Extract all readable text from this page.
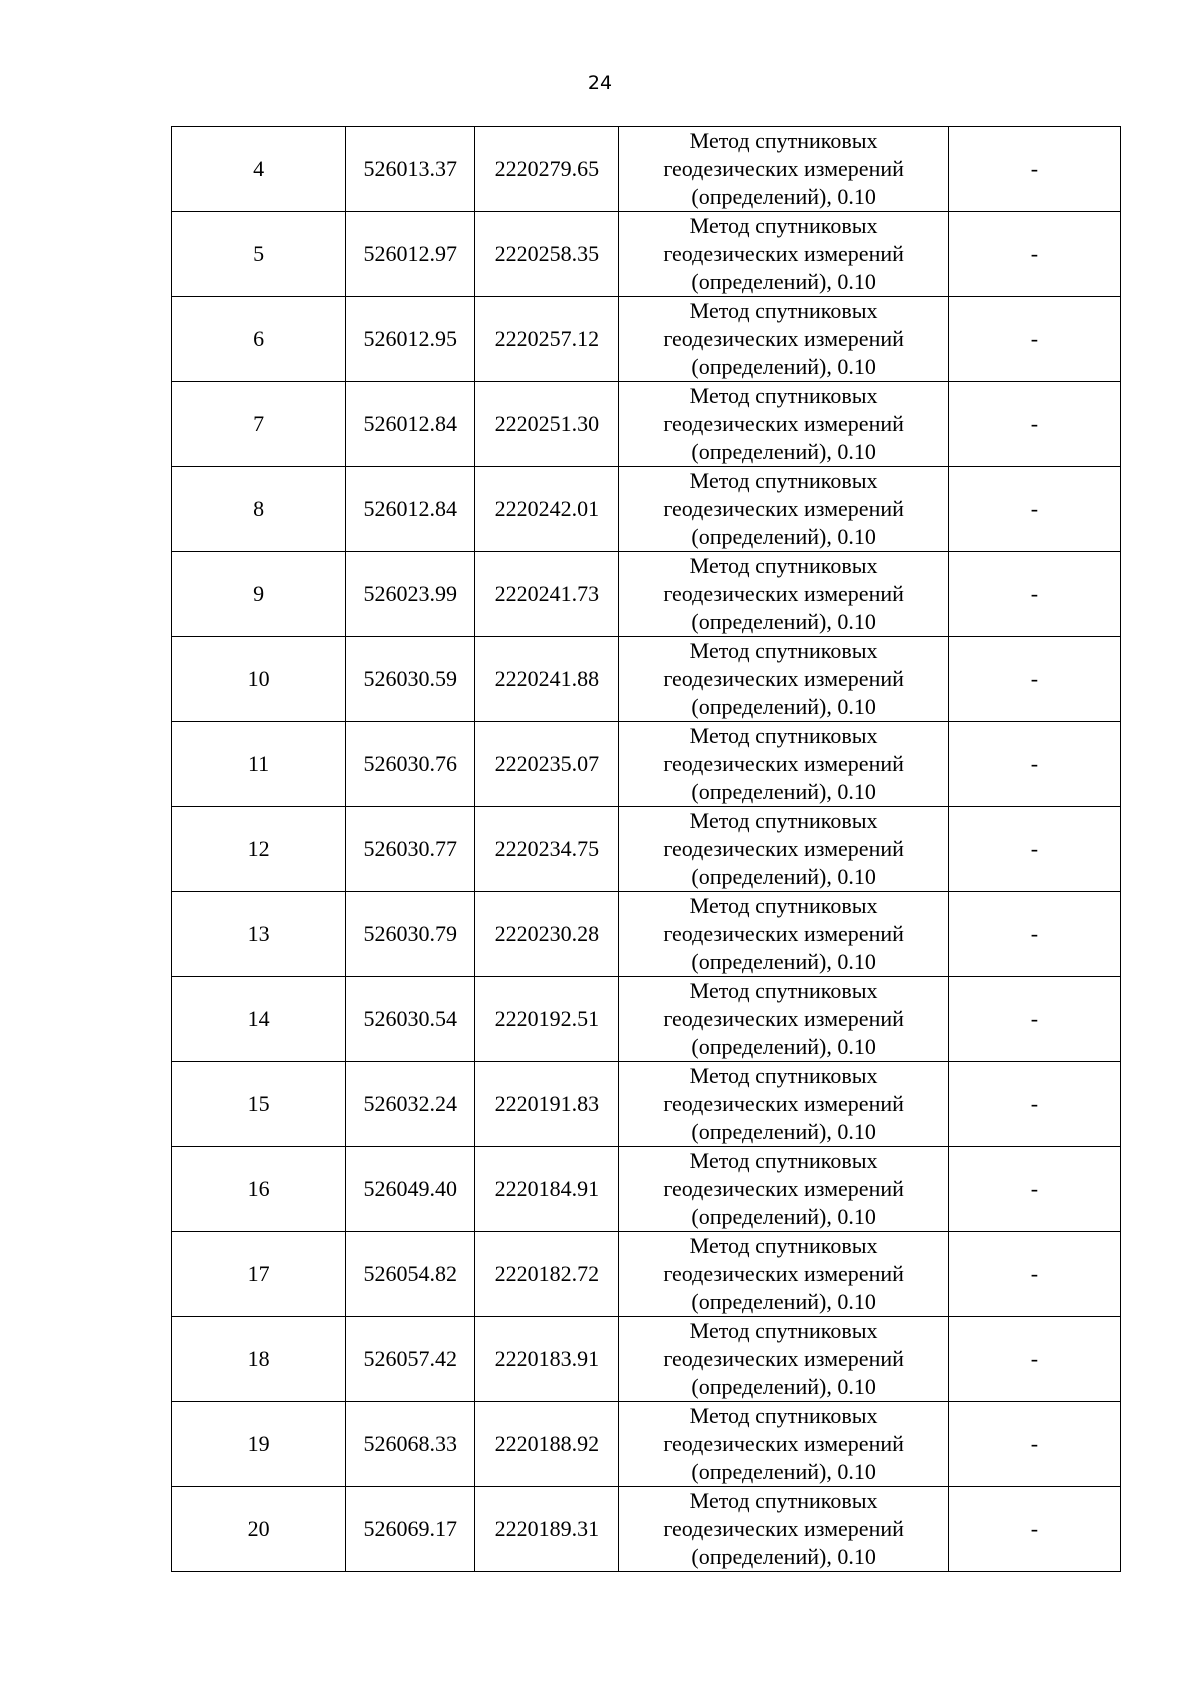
24
4	526013.37	2220279.65	Метод спутниковых
геодезических измерений
(определений), 0.10	-
5	526012.97	2220258.35	Метод спутниковых
геодезических измерений
(определений), 0.10	-
6	526012.95	2220257.12	Метод спутниковых
геодезических измерений
(определений), 0.10	-
7	526012.84	2220251.30	Метод спутниковых
геодезических измерений
(определений), 0.10	-
8	526012.84	2220242.01	Метод спутниковых
геодезических измерений
(определений), 0.10	-
9	526023.99	2220241.73	Метод спутниковых
геодезических измерений
(определений), 0.10	-
10	526030.59	2220241.88	Метод спутниковых
геодезических измерений
(определений), 0.10	-
11	526030.76	2220235.07	Метод спутниковых
геодезических измерений
(определений), 0.10	-
12	526030.77	2220234.75	Метод спутниковых
геодезических измерений
(определений), 0.10	-
13	526030.79	2220230.28	Метод спутниковых
геодезических измерений
(определений), 0.10	-
14	526030.54	2220192.51	Метод спутниковых
геодезических измерений
(определений), 0.10	-
15	526032.24	2220191.83	Метод спутниковых
геодезических измерений
(определений), 0.10	-
16	526049.40	2220184.91	Метод спутниковых
геодезических измерений
(определений), 0.10	-
17	526054.82	2220182.72	Метод спутниковых
геодезических измерений
(определений), 0.10	-
18	526057.42	2220183.91	Метод спутниковых
геодезических измерений
(определений), 0.10	-
19	526068.33	2220188.92	Метод спутниковых
геодезических измерений
(определений), 0.10	-
20	526069.17	2220189.31	Метод спутниковых
геодезических измерений
(определений), 0.10	-
